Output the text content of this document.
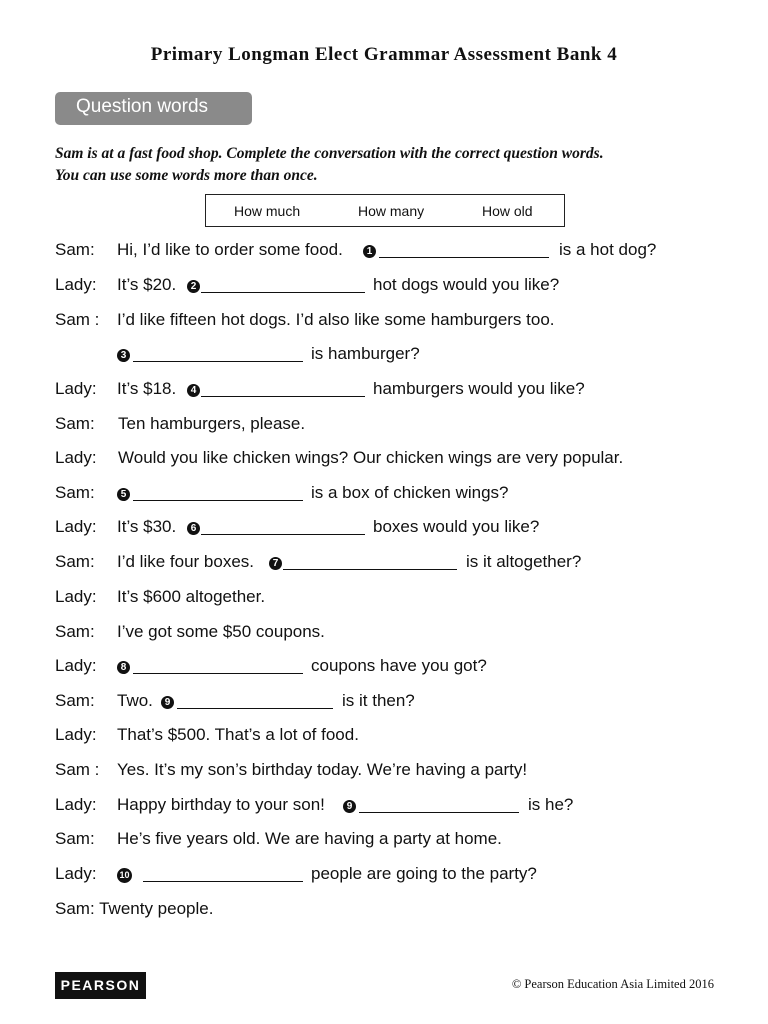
Primary Longman Elect Grammar Assessment Bank 4
Question words
Sam is at a fast food shop. Complete the conversation with the correct question words.
You can use some words more than once.
How much	How many	How old
Sam: Hi, I’d like to order some food.	1	is a hot dog?
Lady: It’s $20.	2	hot dogs would you like?
Sam : I’d like fifteen hot dogs. I’d also like some hamburgers too.
3	is hamburger?
Lady: It’s $18.	4	hamburgers would you like?
Sam: Ten hamburgers, please.
Lady: Would you like chicken wings? Our chicken wings are very popular.
Sam:	5	is a box of chicken wings?
Lady: It’s $30.	6	boxes would you like?
Sam: I’d like four boxes.	7	is it altogether?
Lady: It’s $600 altogether.
Sam: I’ve got some $50 coupons.
Lady:	8	coupons have you got?
Sam: Two.	9	is it then?
Lady: That’s $500. That’s a lot of food.
Sam : Yes. It’s my son’s birthday today. We’re having a party!
Lady: Happy birthday to your son!	9	is he?
Sam: He’s five years old. We are having a party at home.
Lady:	10	people are going to the party?
Sam: Twenty people.
PEARSON	© Pearson Education Asia Limited 2016
